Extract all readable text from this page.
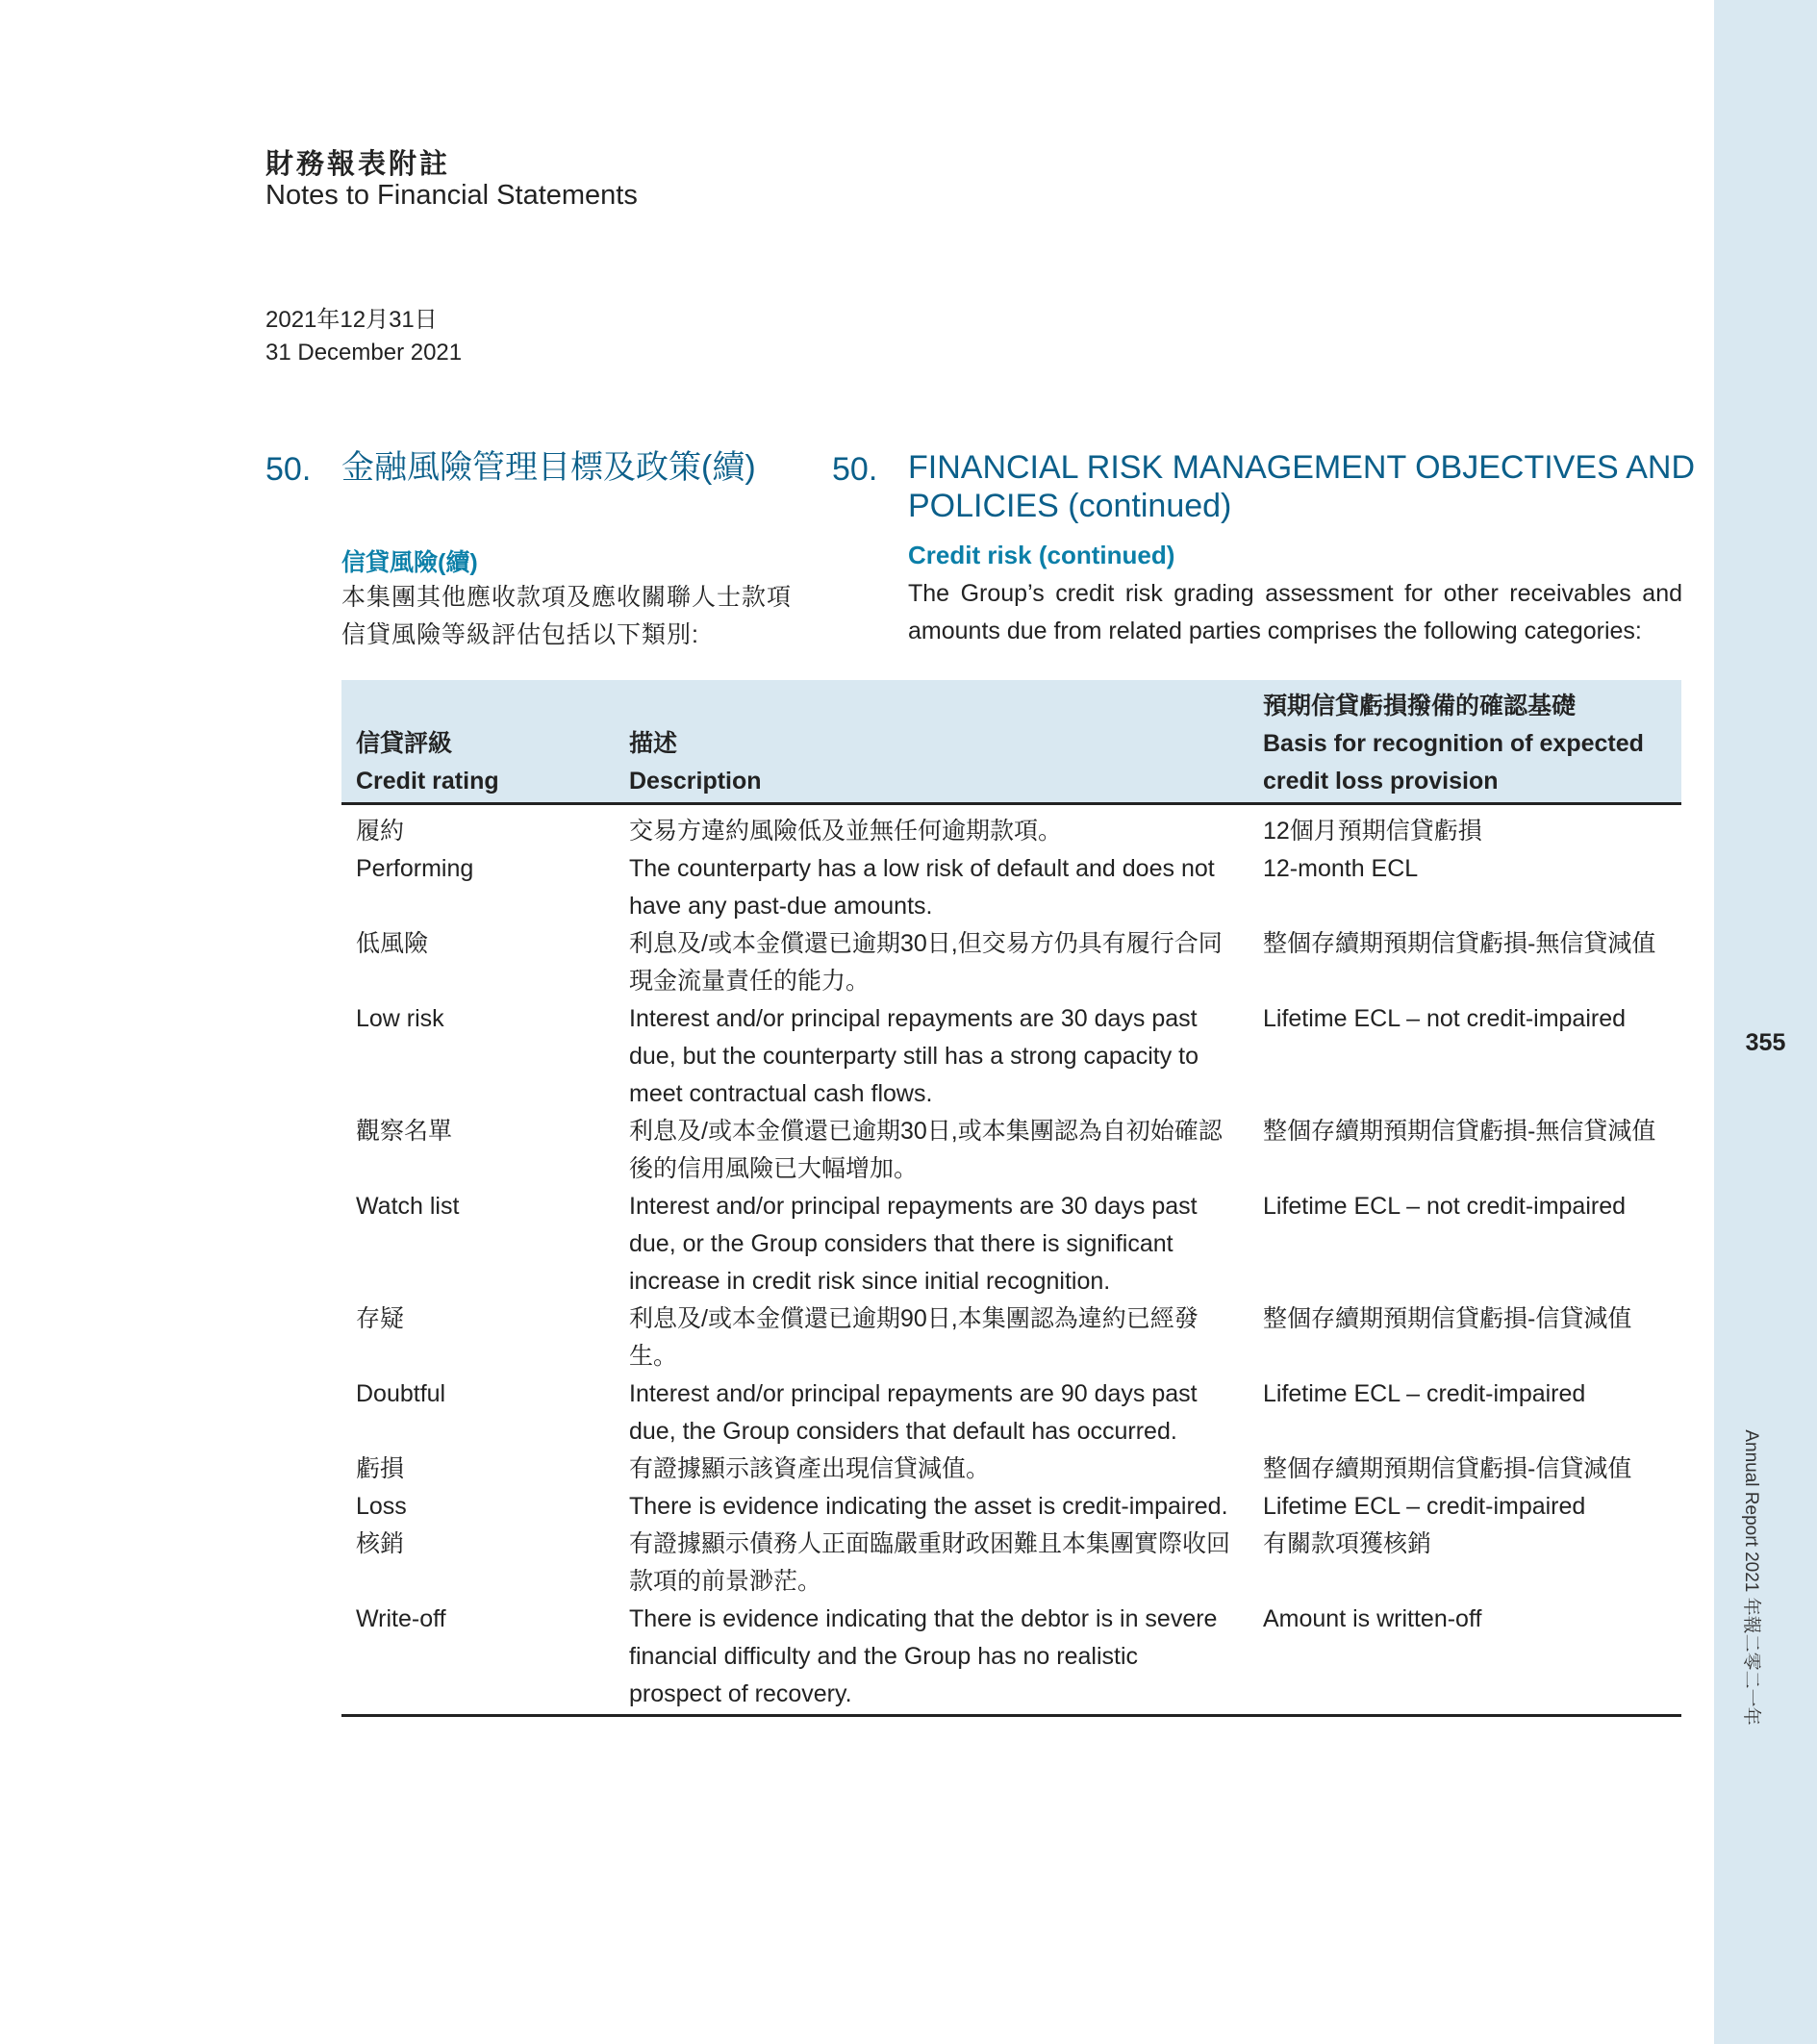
355
Annual Report 2021 年報二零二一年
財務報表附註
Notes to Financial Statements
2021年12月31日
31 December 2021
50. 金融風險管理目標及政策(續) 50. FINANCIAL RISK MANAGEMENT OBJECTIVES AND
POLICIES (continued)
信貸風險(續)	Credit risk (continued)
本集團其他應收款項及應收關聯人士款項信貸風險等級評估包括以下類別:
The Group’s credit risk grading assessment for other receivables and amounts due from related parties comprises the following categories:
信貸評級
Credit rating	描述
Description	預期信貸虧損撥備的確認基礎
Basis for recognition of expected
credit loss provision

履約
Performing	交易方違約風險低及並無任何逾期款項。
The counterparty has a low risk of default and does not have any past-due amounts.	12個月預期信貸虧損
12-month ECL

低風險
Low risk	利息及/或本金償還已逾期30日,但交易方仍具有履行合同現金流量責任的能力。
Interest and/or principal repayments are 30 days past due, but the counterparty still has a strong capacity to meet contractual cash flows.	整個存續期預期信貸虧損-無信貸減值
Lifetime ECL – not credit-impaired

觀察名單
Watch list	利息及/或本金償還已逾期30日,或本集團認為自初始確認後的信用風險已大幅增加。
Interest and/or principal repayments are 30 days past due, or the Group considers that there is significant increase in credit risk since initial recognition.	整個存續期預期信貸虧損-無信貸減值
Lifetime ECL – not credit-impaired

存疑
Doubtful	利息及/或本金償還已逾期90日,本集團認為違約已經發生。
Interest and/or principal repayments are 90 days past due, the Group considers that default has occurred.	整個存續期預期信貸虧損-信貸減值
Lifetime ECL – credit-impaired

虧損
Loss	有證據顯示該資產出現信貸減值。
There is evidence indicating the asset is credit-impaired.	整個存續期預期信貸虧損-信貸減值
Lifetime ECL – credit-impaired

核銷
Write-off	有證據顯示債務人正面臨嚴重財政困難且本集團實際收回款項的前景渺茫。
There is evidence indicating that the debtor is in severe financial difficulty and the Group has no realistic prospect of recovery.	有關款項獲核銷
Amount is written-off
